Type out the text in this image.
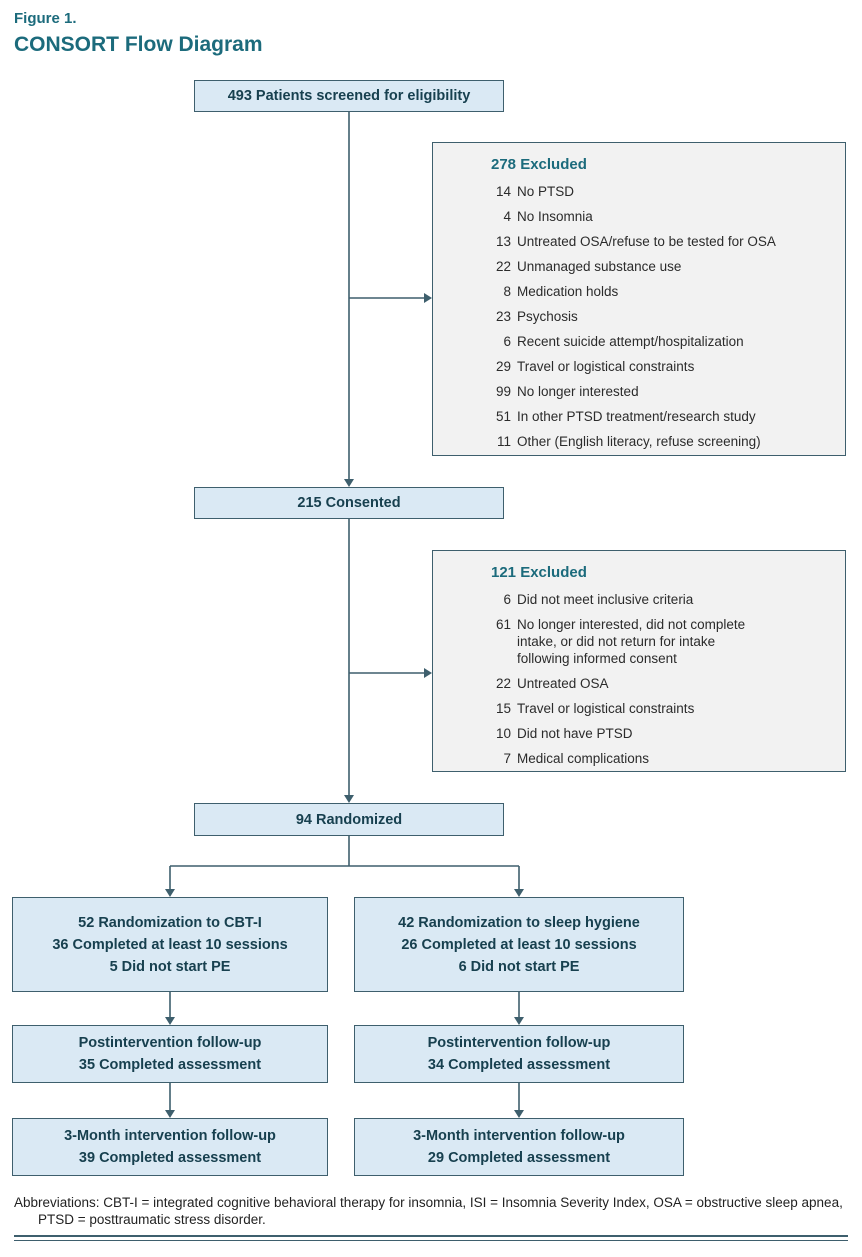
Figure 1.
CONSORT Flow Diagram
493 Patients screened for eligibility
278 Excluded
14 No PTSD
4 No Insomnia
13 Untreated OSA/refuse to be tested for OSA
22 Unmanaged substance use
8 Medication holds
23 Psychosis
6 Recent suicide attempt/hospitalization
29 Travel or logistical constraints
99 No longer interested
51 In other PTSD treatment/research study
11 Other (English literacy, refuse screening)
215 Consented
121 Excluded
6 Did not meet inclusive criteria
61 No longer interested, did not complete intake, or did not return for intake following informed consent
22 Untreated OSA
15 Travel or logistical constraints
10 Did not have PTSD
7 Medical complications
94 Randomized
52 Randomization to CBT-I
36 Completed at least 10 sessions
5 Did not start PE
42 Randomization to sleep hygiene
26 Completed at least 10 sessions
6 Did not start PE
Postintervention follow-up
35 Completed assessment
Postintervention follow-up
34 Completed assessment
3-Month intervention follow-up
39 Completed assessment
3-Month intervention follow-up
29 Completed assessment
Abbreviations: CBT-I = integrated cognitive behavioral therapy for insomnia, ISI = Insomnia Severity Index, OSA = obstructive sleep apnea, PTSD = posttraumatic stress disorder.
